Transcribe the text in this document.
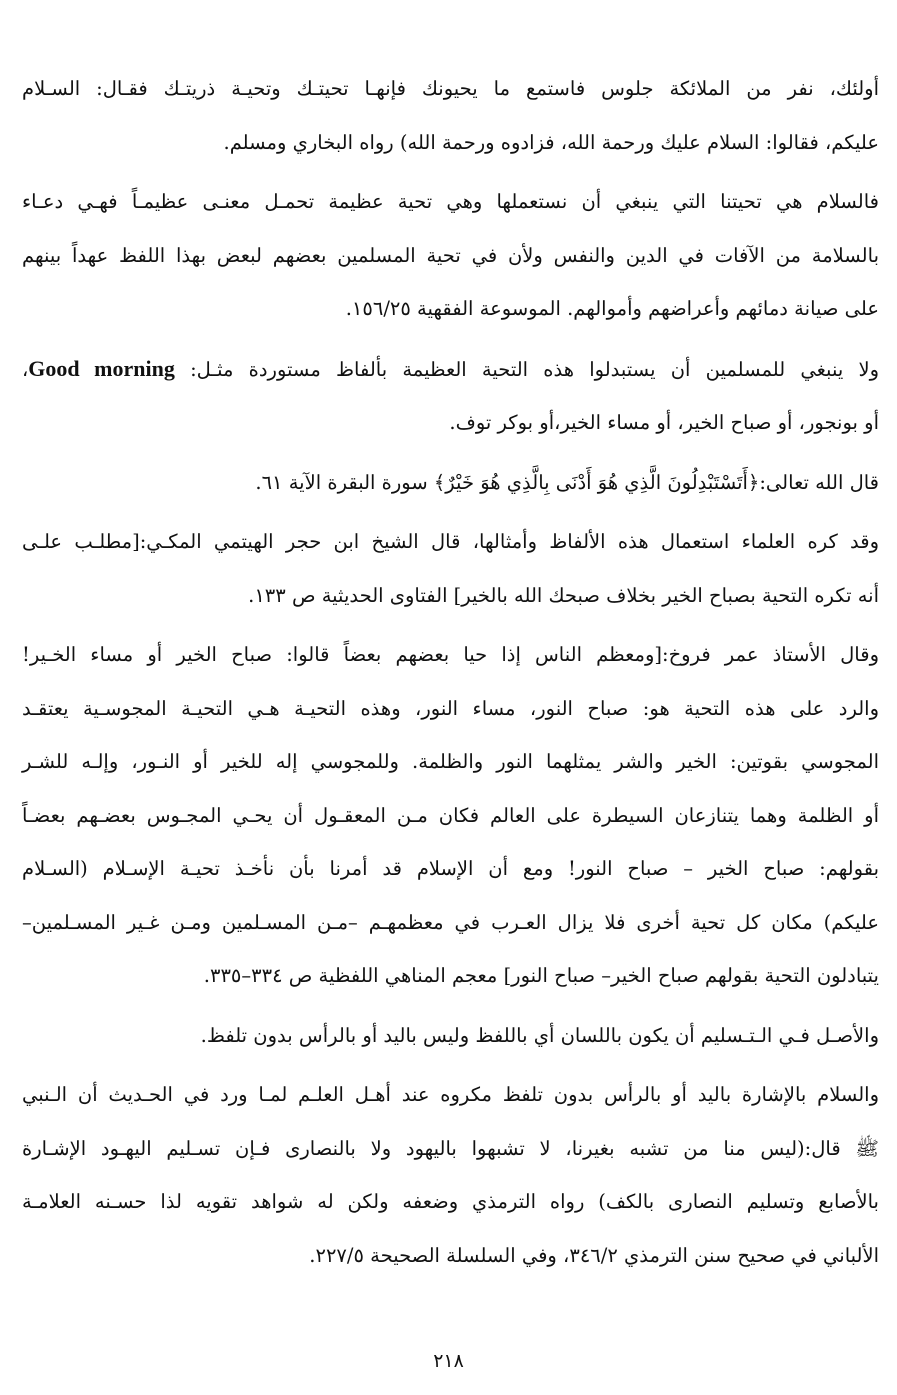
أولئك، نفر من الملائكة جلوس فاستمع ما يحيونك فإنهـا تحيتـك وتحيـة ذريتـك فقـال: السـلام
عليكم، فقالوا: السلام عليك ورحمة الله، فزادوه ورحمة الله) رواه البخاري ومسلم.
فالسلام هي تحيتنا التي ينبغي أن نستعملها وهي تحية عظيمة تحمـل معنـى عظيمـاً فهـي دعـاء
بالسلامة من الآفات في الدين والنفس ولأن في تحية المسلمين بعضهم لبعض بهذا اللفظ عهداً بينهم
على صيانة دمائهم وأعراضهم وأموالهم. الموسوعة الفقهية ١٥٦/٢٥.
ولا ينبغي للمسلمين أن يستبدلوا هذه التحية العظيمة بألفاظ مستوردة مثـل: Good morning،
أو بونجور، أو صباح الخير، أو مساء الخير،أو بوكر توف.
قال الله تعالى:﴿أَتَسْتَبْدِلُونَ الَّذِي هُوَ أَدْنَى بِالَّذِي هُوَ خَيْرٌ﴾ سورة البقرة الآية ٦١.
وقد كره العلماء استعمال هذه الألفاظ وأمثالها، قال الشيخ ابن حجر الهيتمي المكـي:[مطلـب علـى
أنه تكره التحية بصباح الخير بخلاف صبحك الله بالخير] الفتاوى الحديثية ص ١٣٣.
وقال الأستاذ عمر فروخ:[ومعظم الناس إذا حيا بعضهم بعضاً قالوا: صباح الخير أو مساء الخـير!
والرد على هذه التحية هو: صباح النور، مساء النور، وهذه التحيـة هـي التحيـة المجوسـية يعتقـد
المجوسي بقوتين: الخير والشر يمثلهما النور والظلمة. وللمجوسي إله للخير أو النـور، وإلـه للشـر
أو الظلمة وهما يتنازعان السيطرة على العالم فكان مـن المعقـول أن يحـي المجـوس بعضـهم بعضـاً
بقولهم: صباح الخير – صباح النور! ومع أن الإسلام قد أمرنا بأن نأخـذ تحيـة الإسـلام (السـلام
عليكم) مكان كل تحية أخرى فلا يزال العـرب في معظمهـم –مـن المسـلمين ومـن غـير المسـلمين–
يتبادلون التحية بقولهم صباح الخير– صباح النور] معجم المناهي اللفظية ص ٣٣٤–٣٣٥.
والأصـل فـي الـتـسليم أن يكون باللسان أي باللفظ وليس باليد أو بالرأس بدون تلفظ.
والسلام بالإشارة باليد أو بالرأس بدون تلفظ مكروه عند أهـل العلـم لمـا ورد في الحـديث أن الـنبي
ﷺ قال:(ليس منا من تشبه بغيرنا، لا تشبهوا باليهود ولا بالنصارى فـإن تسـليم اليهـود الإشـارة
بالأصابع وتسليم النصارى بالكف) رواه الترمذي وضعفه ولكن له شواهد تقويه لذا حسـنه العلامـة
الألباني في صحيح سنن الترمذي ٣٤٦/٢، وفي السلسلة الصحيحة ٢٢٧/٥.
٢١٨
